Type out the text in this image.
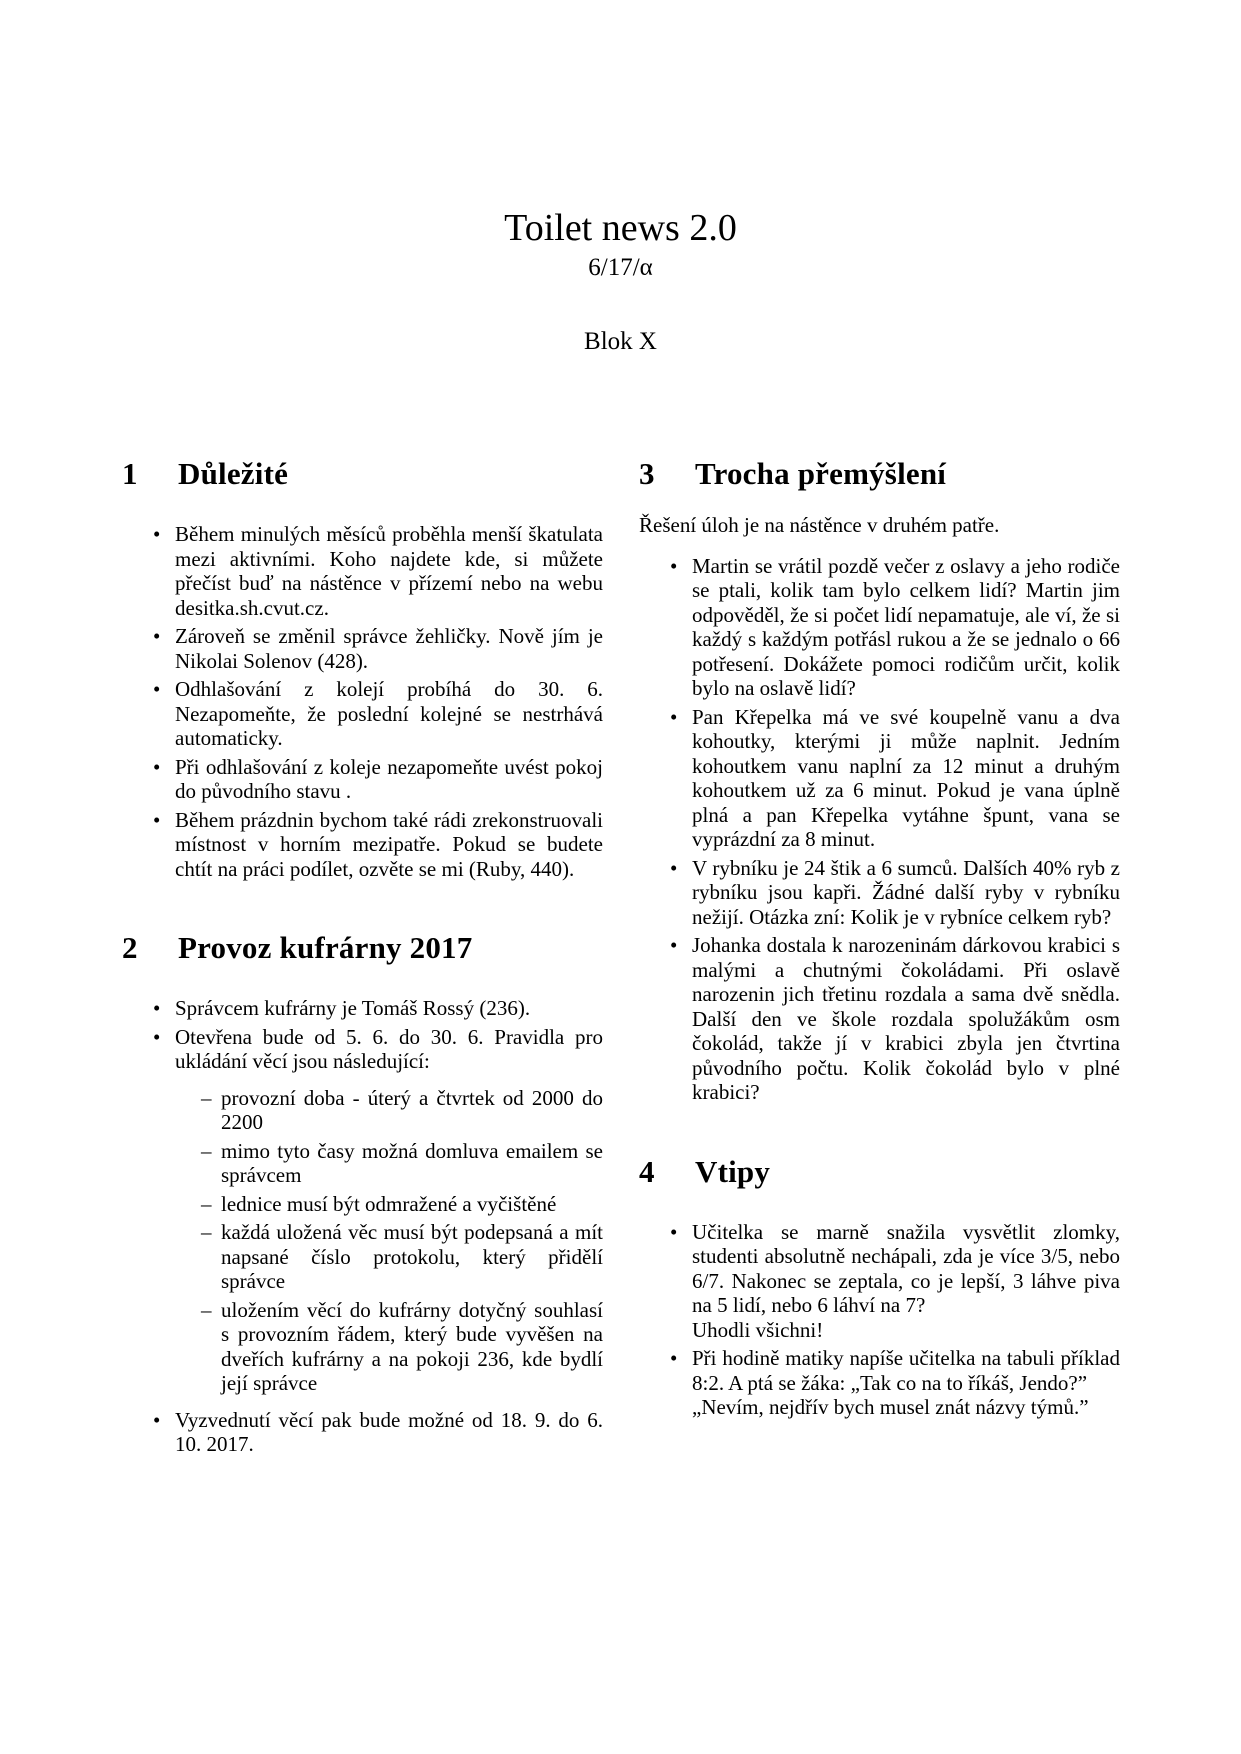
Toilet news 2.0
6/17/α
Blok X
1 Důležité
• Během minulých měsíců proběhla menší škatulata mezi aktivními. Koho najdete kde, si můžete přečíst buď na nástěnce v přízemí nebo na webu desitka.sh.cvut.cz.
• Zároveň se změnil správce žehličky. Nově jím je Nikolai Solenov (428).
• Odhlašování z kolejí probíhá do 30. 6. Nezapomeňte, že poslední kolejné se nestrhává automaticky.
• Při odhlašování z koleje nezapomeňte uvést pokoj do původního stavu .
• Během prázdnin bychom také rádi zrekonstruovali místnost v horním mezipatře. Pokud se budete chtít na práci podílet, ozvěte se mi (Ruby, 440).
2 Provoz kufrárny 2017
• Správcem kufrárny je Tomáš Rossý (236).
• Otevřena bude od 5. 6. do 30. 6. Pravidla pro ukládání věcí jsou následující:
– provozní doba - úterý a čtvrtek od 2000 do 2200
– mimo tyto časy možná domluva emailem se správcem
– lednice musí být odmražené a vyčištěné
– každá uložená věc musí být podepsaná a mít napsané číslo protokolu, který přidělí správce
– uložením věcí do kufrárny dotyčný souhlasí s provozním řádem, který bude vyvěšen na dveřích kufrárny a na pokoji 236, kde bydlí její správce
• Vyzvednutí věcí pak bude možné od 18. 9. do 6. 10. 2017.
3 Trocha přemýšlení
Řešení úloh je na nástěnce v druhém patře.
• Martin se vrátil pozdě večer z oslavy a jeho rodiče se ptali, kolik tam bylo celkem lidí? Martin jim odpověděl, že si počet lidí nepamatuje, ale ví, že si každý s každým potřásl rukou a že se jednalo o 66 potřesení. Dokážete pomoci rodičům určit, kolik bylo na oslavě lidí?
• Pan Křepelka má ve své koupelně vanu a dva kohoutky, kterými ji může naplnit. Jedním kohoutkem vanu naplní za 12 minut a druhým kohoutkem už za 6 minut. Pokud je vana úplně plná a pan Křepelka vytáhne špunt, vana se vyprázdní za 8 minut.
• V rybníku je 24 štik a 6 sumců. Dalších 40% ryb z rybníku jsou kapři. Žádné další ryby v rybníku nežijí. Otázka zní: Kolik je v rybníce celkem ryb?
• Johanka dostala k narozeninám dárkovou krabici s malými a chutnými čokoládami. Při oslavě narozenin jich třetinu rozdala a sama dvě snědla. Další den ve škole rozdala spolužákům osm čokolád, takže jí v krabici zbyla jen čtvrtina původního počtu. Kolik čokolád bylo v plné krabici?
4 Vtipy
• Učitelka se marně snažila vysvětlit zlomky, studenti absolutně nechápali, zda je více 3/5, nebo 6/7. Nakonec se zeptala, co je lepší, 3 láhve piva na 5 lidí, nebo 6 láhví na 7?
Uhodli všichni!
• Při hodině matiky napíše učitelka na tabuli příklad 8:2. A ptá se žáka: „Tak co na to říkáš, Jendo?”
„Nevím, nejdřív bych musel znát názvy týmů.”
